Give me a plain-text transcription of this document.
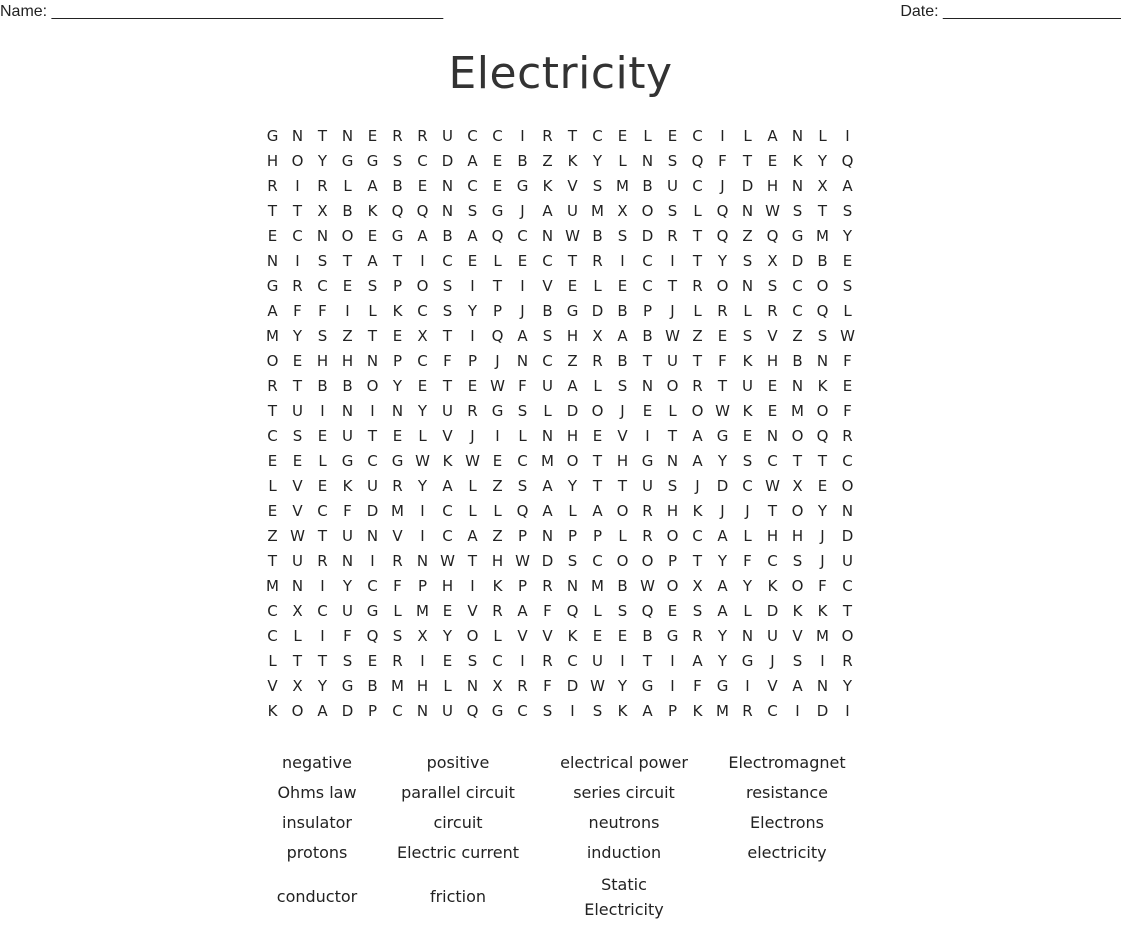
Name: ____________________________________________	Date: ____________________
Electricity
G N T N E	R R U C C	I	R	T	C	E	L	E	C	I	L	A N	L	I
H O Y G G S C D A	E	B Z K	Y	L	N S Q F	T	E	K	Y Q
R	I	R	L	A B	E N C	E G K V	S M B U C	J	D H N X A
T	T	X B K Q Q N S G	J	A U M X O S	L Q N W S	T	S
E	C N O E G A B A Q C N W B	S D R	T Q Z Q G M Y
N	I	S	T	A	T	I	C	E	L	E	C	T	R	I	C	I	T	Y	S	X D B	E
G R C	E	S	P O S	I	T	I	V	E	L	E	C	T	R O N S C O S
A	F	F	I	L	K C	S	Y	P	J	B G D B	P	J	L	R	L	R C Q L
M Y	S	Z	T	E	X	T	I	Q A	S H X A B W Z	E	S	V Z	S W
O E H H N P	C	F	P	J	N C Z R B	T U T	F	K H B N	F
R	T	B B O Y	E	T	E W F	U A	L	S N O R	T U E N K	E
T U	I	N	I	N Y U R G S	L	D O	J	E	L O W K	E M O F
C	S	E U T	E	L	V	J	I	L	N H E	V	I	T	A G E N O Q R
E	E	L	G C G W K W E	C M O T H G N A	Y	S C	T	T	C
L	V	E	K U R	Y	A	L	Z	S	A	Y	T	T U S	J	D C W X	E O
E	V C	F D M	I	C	L	L Q A	L	A O R H K	J	J	T O Y N
Z W T U N V	I	C A Z	P N P	P	L	R O C A	L	H H	J	D
T U R N	I	R N W T H W D S C O O P	T	Y	F	C	S	J	U
M N	I	Y	C	F	P H	I	K	P	R N M B W O X A	Y	K O F	C
C X C U G	L M E	V R A	F Q L	S Q E	S	A	L	D K	K	T
C	L	I	F Q S	X	Y O L	V V K	E	E	B G R	Y N U V M O
L	T	T	S	E	R	I	E	S C	I	R C U	I	T	I	A	Y G	J	S	I	R
V X	Y G B M H	L	N X R	F D W Y G	I	F G	I	V A N Y
K O A D P	C N U Q G C	S	I	S	K A	P	K M R C	I	D	I
negative	positive	electrical power	Electromagnet
Ohms law	parallel circuit	series circuit	resistance
insulator	circuit	neutrons	Electrons
protons	Electric current	induction	electricity
conductor	friction
Static
Electricity
